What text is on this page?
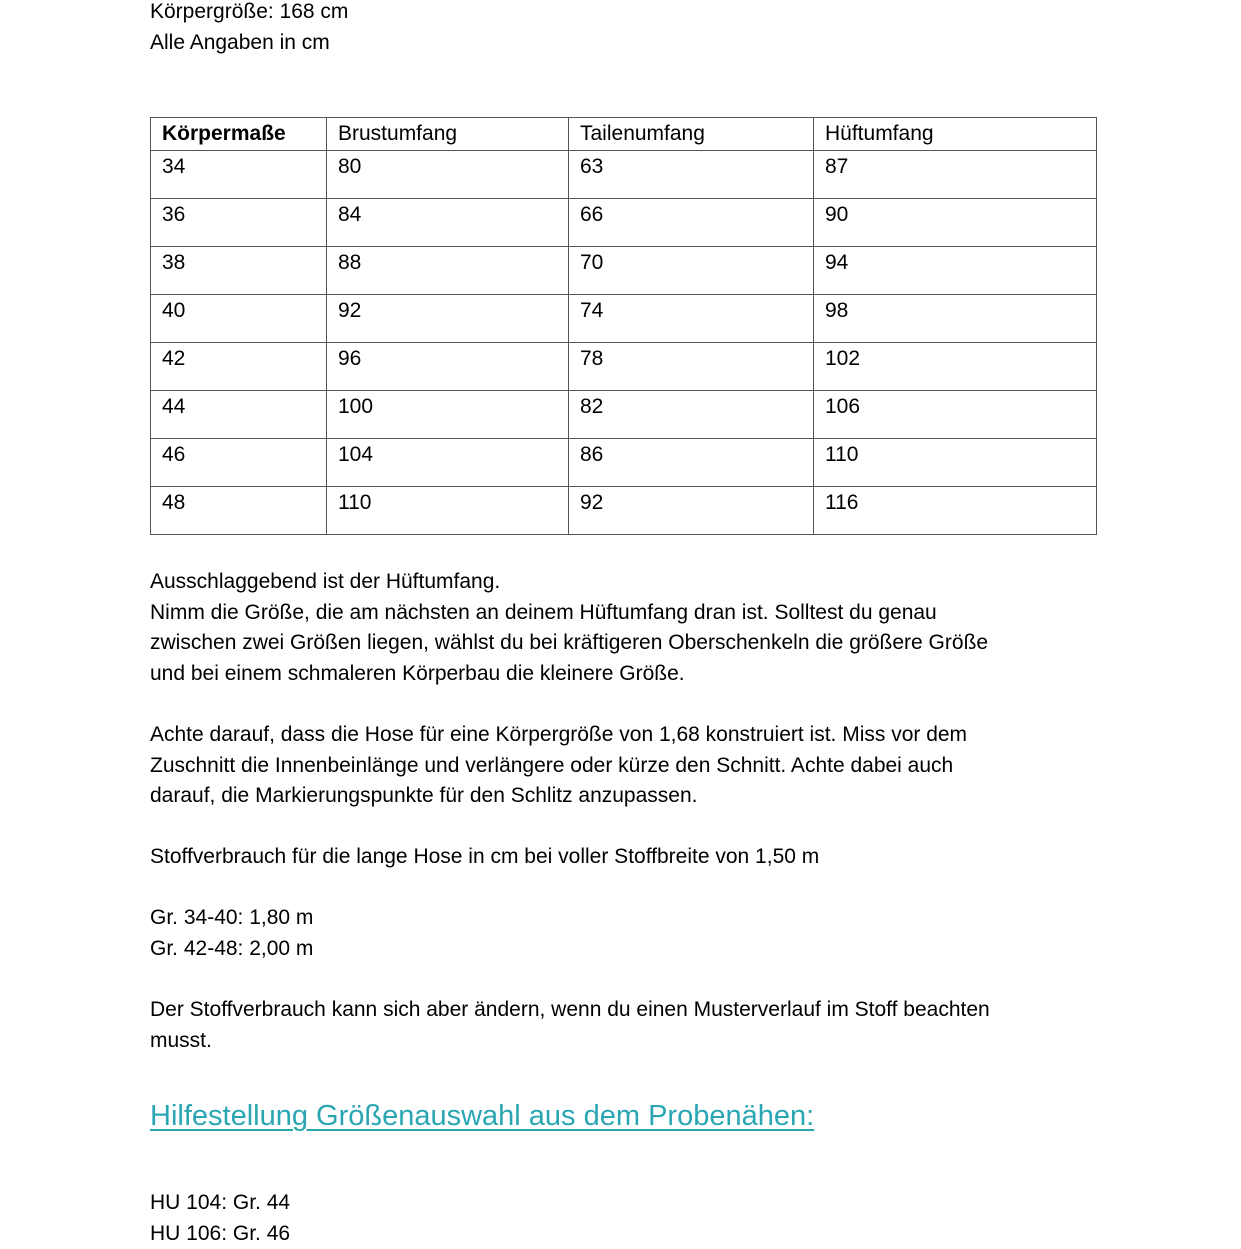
Körpergröße: 168 cm
Alle Angaben in cm
Körpermaße	Brustumfang	Tailenumfang	Hüftumfang
34	80	63	87
36	84	66	90
38	88	70	94
40	92	74	98
42	96	78	102
44	100	82	106
46	104	86	110
48	110	92	116
Ausschlaggebend ist der Hüftumfang.
Nimm die Größe, die am nächsten an deinem Hüftumfang dran ist. Solltest du genau
zwischen zwei Größen liegen, wählst du bei kräftigeren Oberschenkeln die größere Größe
und bei einem schmaleren Körperbau die kleinere Größe.
Achte darauf, dass die Hose für eine Körpergröße von 1,68 konstruiert ist. Miss vor dem
Zuschnitt die Innenbeinlänge und verlängere oder kürze den Schnitt. Achte dabei auch
darauf, die Markierungspunkte für den Schlitz anzupassen.
Stoffverbrauch für die lange Hose in cm bei voller Stoffbreite von 1,50 m
Gr. 34-40: 1,80 m
Gr. 42-48: 2,00 m
Der Stoffverbrauch kann sich aber ändern, wenn du einen Musterverlauf im Stoff beachten
musst.
Hilfestellung Größenauswahl aus dem Probenähen:
HU 104: Gr. 44
HU 106: Gr. 46
